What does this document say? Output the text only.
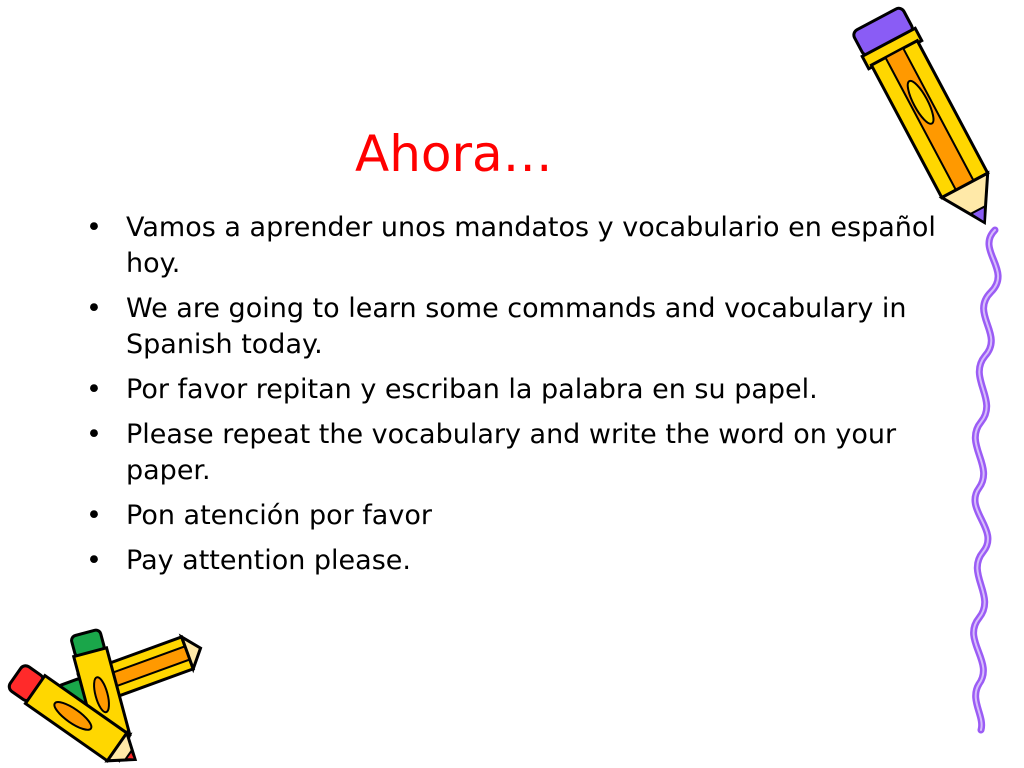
Ahora…
• Vamos a aprender unos mandatos y vocabulario en español hoy.
• We are going to learn some commands and vocabulary in Spanish today.
• Por favor repitan y escriban la palabra en su papel.
• Please repeat the vocabulary and write the word on your paper.
• Pon atención por favor
• Pay attention please.
